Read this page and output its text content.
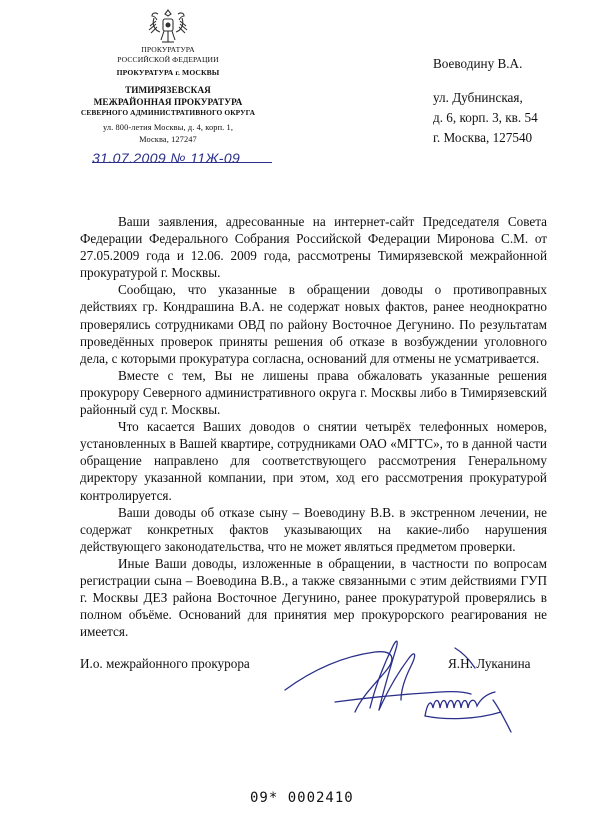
ПРОКУРАТУРА
РОССИЙСКОЙ ФЕДЕРАЦИИ
ПРОКУРАТУРА г. МОСКВЫ
ТИМИРЯЗЕВСКАЯ
МЕЖРАЙОННАЯ ПРОКУРАТУРА
СЕВЕРНОГО АДМИНИСТРАТИВНОГО ОКРУГА
ул. 800-летия Москвы, д. 4, корп. 1,
Москва, 127247
31.07.2009 № 11Ж-09
Воеводину В.А.
ул. Дубнинская,
д. 6, корп. 3, кв. 54
г. Москва, 127540

Ваши заявления, адресованные на интернет-сайт Председателя Совета Федерации Федерального Собрания Российской Федерации Миронова С.М. от 27.05.2009 года и 12.06. 2009 года, рассмотрены Тимирязевской межрайонной прокуратурой г. Москвы.

Сообщаю, что указанные в обращении доводы о противоправных действиях гр. Кондрашина В.А. не содержат новых фактов, ранее неоднократно проверялись сотрудниками ОВД по району Восточное Дегунино. По результатам проведённых проверок приняты решения об отказе в возбуждении уголовного дела, с которыми прокуратура согласна, оснований для отмены не усматривается.

Вместе с тем, Вы не лишены права обжаловать указанные решения прокурору Северного административного округа г. Москвы либо в Тимирязевский районный суд г. Москвы.

Что касается Ваших доводов о снятии четырёх телефонных номеров, установленных в Вашей квартире, сотрудниками ОАО «МГТС», то в данной части обращение направлено для соответствующего рассмотрения Генеральному директору указанной компании, при этом, ход его рассмотрения прокуратурой контролируется.

Ваши доводы об отказе сыну – Воеводину В.В. в экстренном лечении, не содержат конкретных фактов указывающих на какие-либо нарушения действующего законодательства, что не может являться предметом проверки.

Иные Ваши доводы, изложенные в обращении, в частности по вопросам регистрации сына – Воеводина В.В., а также связанными с этим действиями ГУП г. Москвы ДЕЗ района Восточное Дегунино, ранее прокуратурой проверялись в полном объёме. Оснований для принятия мер прокурорского реагирования не имеется.

И.о. межрайонного прокурора	Я.Н. Луканина
09* 0002410
